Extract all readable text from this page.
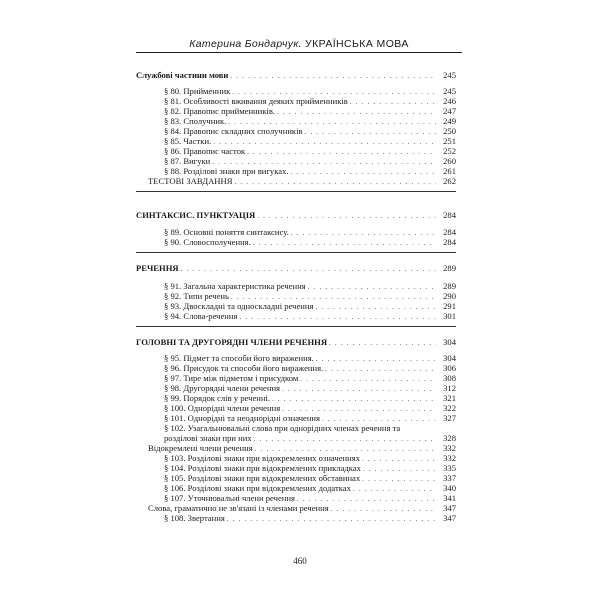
Катерина Бондарчук. УКРАЇНСЬКА МОВА
Службові частини мови . . .	245
§ 80. Прийменник . . .	245
§ 81. Особливості вживання деяких прийменників . . .	246
§ 82. Правопис прийменників. . . .	247
§ 83. Сполучник. . . .	249
§ 84. Правопис складних сполучників . . .	250
§ 85. Частки. . . .	251
§ 86. Правопис часток . . .	252
§ 87. Вигуки . . .	260
§ 88. Розділові знаки при вигуках. . . .	261
ТЕСТОВІ ЗАВДАННЯ . . .	262
СИНТАКСИС. ПУНКТУАЦІЯ . . .	284
§ 89. Основні поняття синтаксису. . . .	284
§ 90. Словосполучення. . . .	284
РЕЧЕННЯ . . .	289
§ 91. Загальна характеристика речення . . .	289
§ 92. Типи речень . . .	290
§ 93. Двоскладні та односкладні речення . . .	291
§ 94. Слова-речення . . .	301
ГОЛОВНІ ТА ДРУГОРЯДНІ ЧЛЕНИ РЕЧЕННЯ . . .	304
§ 95. Підмет та способи його вираження. . . .	304
§ 96. Присудок та способи його вираження. . . .	306
§ 97. Тире між підметом і присудком . . .	308
§ 98. Другорядні члени речення . . .	312
§ 99. Порядок слів у реченні. . . .	321
§ 100. Однорідні члени речення . . .	322
§ 101. Однорідні та неоднорідні означення . . .	327
§ 102. Узагальнювальні слова при однорідних членах речення та
розділові знаки при них . . .	328
Відокремлені члени речення . . .	332
§ 103. Розділові знаки при відокремлених означеннях . . .	332
§ 104. Розділові знаки при відокремлених прикладках . . .	335
§ 105. Розділові знаки при відокремлених обставинах . . .	337
§ 106. Розділові знаки при відокремлених додатках . . .	340
§ 107. Уточнювальні члени речення . . .	341
Слова, граматично не зв'язані із членами речення . . .	347
§ 108. Звертання . . .	347
460
